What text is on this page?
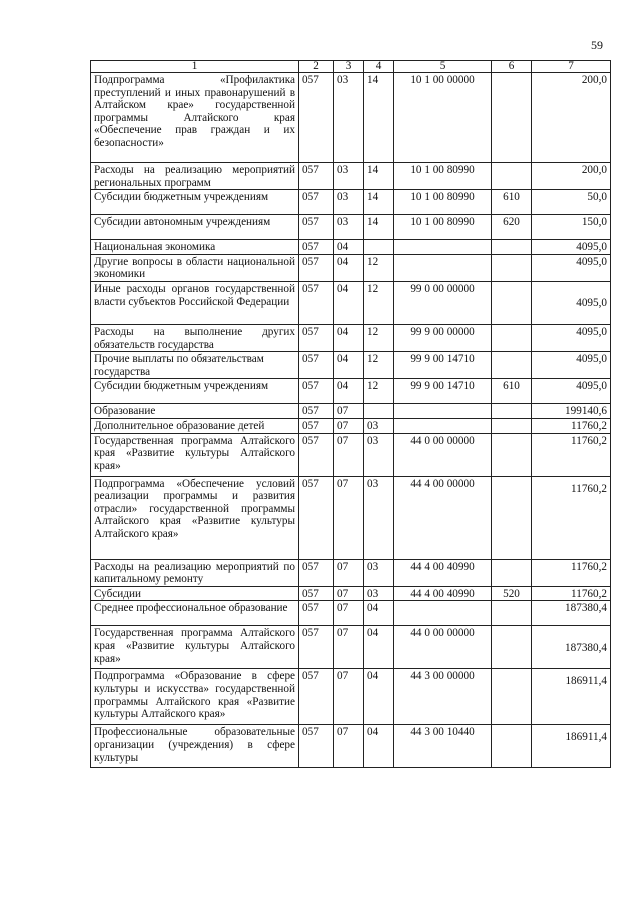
59
1	2	3	4	5	6	7
Подпрограмма «Профилактика преступлений и иных правонарушений в Алтайском крае» государственной программы Алтайского края «Обеспечение прав граждан и их безопасности»	057	03	14	10 1 00 00000		200,0
Расходы на реализацию мероприятий региональных программ	057	03	14	10 1 00 80990		200,0
Субсидии бюджетным учреждениям	057	03	14	10 1 00 80990	610	50,0
Субсидии автономным учреждениям	057	03	14	10 1 00 80990	620	150,0
Национальная экономика	057	04				4095,0
Другие вопросы в области национальной экономики	057	04	12			4095,0
Иные расходы органов государственной власти субъектов Российской Федерации	057	04	12	99 0 00 00000		4095,0
Расходы на выполнение других обязательств государства	057	04	12	99 9 00 00000		4095,0
Прочие выплаты по обязательствам государства	057	04	12	99 9 00 14710		4095,0
Субсидии бюджетным учреждениям	057	04	12	99 9 00 14710	610	4095,0
Образование	057	07				199140,6
Дополнительное образование детей	057	07	03			11760,2
Государственная программа Алтайского края «Развитие культуры Алтайского края»	057	07	03	44 0 00 00000		11760,2
Подпрограмма «Обеспечение условий реализации программы и развития отрасли» государственной программы Алтайского края «Развитие культуры Алтайского края»	057	07	03	44 4 00 00000		11760,2
Расходы на реализацию мероприятий по капитальному ремонту	057	07	03	44 4 00 40990		11760,2
Субсидии	057	07	03	44 4 00 40990	520	11760,2
Среднее профессиональное образование	057	07	04			187380,4
Государственная программа Алтайского края «Развитие культуры Алтайского края»	057	07	04	44 0 00 00000		187380,4
Подпрограмма «Образование в сфере культуры и искусства» государственной программы Алтайского края «Развитие культуры Алтайского края»	057	07	04	44 3 00 00000		186911,4
Профессиональные образовательные организации (учреждения) в сфере культуры	057	07	04	44 3 00 10440		186911,4
